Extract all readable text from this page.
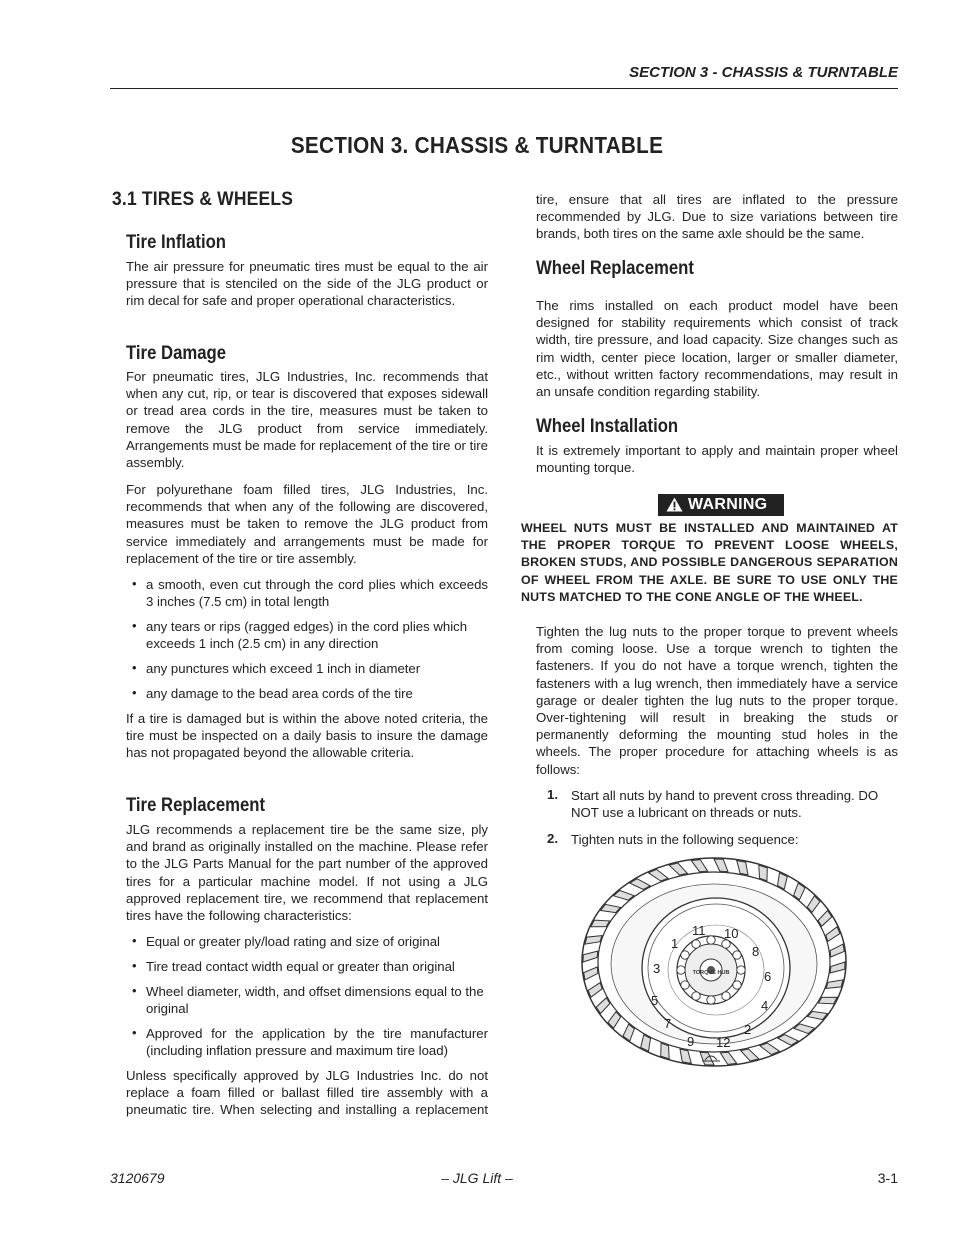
SECTION 3 - CHASSIS & TURNTABLE
SECTION 3. CHASSIS & TURNTABLE
3.1 TIRES & WHEELS
Tire Inflation
The air pressure for pneumatic tires must be equal to the air pressure that is stenciled on the side of the JLG product or rim decal for safe and proper operational characteristics.
Tire Damage
For pneumatic tires, JLG Industries, Inc. recommends that when any cut, rip, or tear is discovered that exposes sidewall or tread area cords in the tire, measures must be taken to remove the JLG product from service immediately. Arrangements must be made for replacement of the tire or tire assembly.
For polyurethane foam filled tires, JLG Industries, Inc. recommends that when any of the following are discovered, measures must be taken to remove the JLG product from service immediately and arrangements must be made for replacement of the tire or tire assembly.
• a smooth, even cut through the cord plies which exceeds 3 inches (7.5 cm) in total length
• any tears or rips (ragged edges) in the cord plies which exceeds 1 inch (2.5 cm) in any direction
• any punctures which exceed 1 inch in diameter
• any damage to the bead area cords of the tire
If a tire is damaged but is within the above noted criteria, the tire must be inspected on a daily basis to insure the damage has not propagated beyond the allowable criteria.
Tire Replacement
JLG recommends a replacement tire be the same size, ply and brand as originally installed on the machine. Please refer to the JLG Parts Manual for the part number of the approved tires for a particular machine model. If not using a JLG approved replacement tire, we recommend that replacement tires have the following characteristics:
• Equal or greater ply/load rating and size of original
• Tire tread contact width equal or greater than original
• Wheel diameter, width, and offset dimensions equal to the original
• Approved for the application by the tire manufacturer (including inflation pressure and maximum tire load)
Unless specifically approved by JLG Industries Inc. do not replace a foam filled or ballast filled tire assembly with a pneumatic tire. When selecting and installing a replacement
tire, ensure that all tires are inflated to the pressure recommended by JLG. Due to size variations between tire brands, both tires on the same axle should be the same.
Wheel Replacement
The rims installed on each product model have been designed for stability requirements which consist of track width, tire pressure, and load capacity. Size changes such as rim width, center piece location, larger or smaller diameter, etc., without written factory recommendations, may result in an unsafe condition regarding stability.
Wheel Installation
It is extremely important to apply and maintain proper wheel mounting torque.
WARNING
WHEEL NUTS MUST BE INSTALLED AND MAINTAINED AT THE PROPER TORQUE TO PREVENT LOOSE WHEELS, BROKEN STUDS, AND POSSIBLE DANGEROUS SEPARATION OF WHEEL FROM THE AXLE. BE SURE TO USE ONLY THE NUTS MATCHED TO THE CONE ANGLE OF THE WHEEL.
Tighten the lug nuts to the proper torque to prevent wheels from coming loose. Use a torque wrench to tighten the fasteners. If you do not have a torque wrench, tighten the fasteners with a lug wrench, then immediately have a service garage or dealer tighten the lug nuts to the proper torque. Over-tightening will result in breaking the studs or permanently deforming the mounting stud holes in the wheels. The proper procedure for attaching wheels is as follows:
1. Start all nuts by hand to prevent cross threading. DO NOT use a lubricant on threads or nuts.
2. Tighten nuts in the following sequence:
TORQUE HUB
11 10
1
8
3
6
5	4
7	2
9 12
3120679	– JLG Lift –	3-1
